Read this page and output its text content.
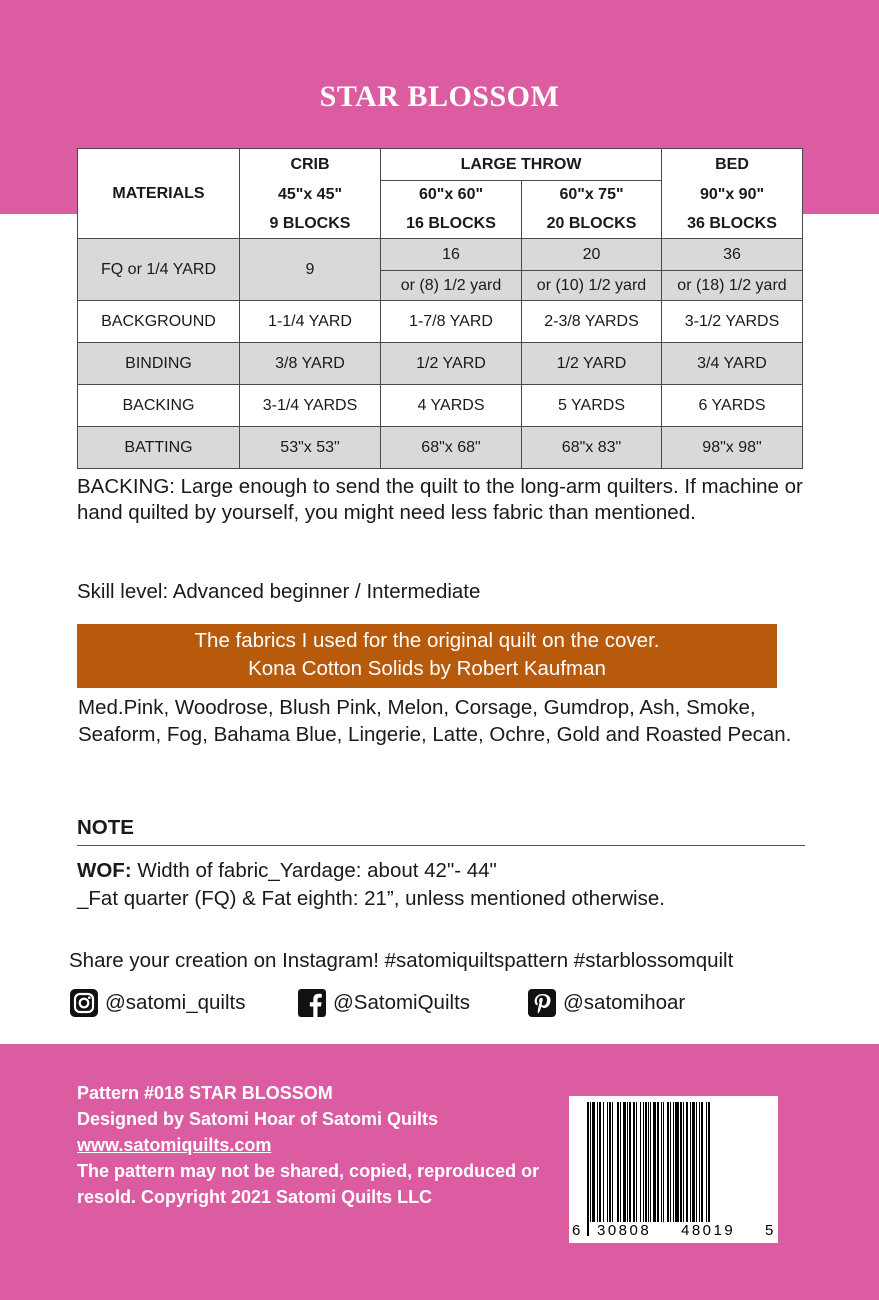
STAR BLOSSOM
MATERIALS	CRIB	LARGE THROW		BED
	45"x 45"	60"x 60"	60"x 75"	90"x 90"
	9 BLOCKS	16 BLOCKS	20 BLOCKS	36 BLOCKS
FQ or 1/4 YARD	9	16	20	36
		or (8) 1/2 yard	or (10) 1/2 yard	or (18) 1/2 yard
BACKGROUND	1-1/4 YARD	1-7/8 YARD	2-3/8 YARDS	3-1/2 YARDS
BINDING	3/8 YARD	1/2 YARD	1/2 YARD	3/4 YARD
BACKING	3-1/4 YARDS	4 YARDS	5 YARDS	6 YARDS
BATTING	53"x 53"	68"x 68"	68"x 83"	98"x 98"
BACKING: Large enough to send the quilt to the long-arm quilters. If machine or hand quilted by yourself, you might need less fabric than mentioned.
Skill level: Advanced beginner / Intermediate
The fabrics I used for the original quilt on the cover.
Kona Cotton Solids by Robert Kaufman
Med.Pink, Woodrose, Blush Pink, Melon, Corsage, Gumdrop, Ash, Smoke, Seaform, Fog, Bahama Blue, Lingerie, Latte, Ochre, Gold and Roasted Pecan.
NOTE
WOF: Width of fabric_Yardage: about 42"- 44"
_Fat quarter (FQ) & Fat eighth: 21”, unless mentioned otherwise.
Share your creation on Instagram! #satomiquiltspattern #starblossomquilt
@satomi_quilts	@SatomiQuilts	@satomihoar
Pattern #018 STAR BLOSSOM
Designed by Satomi Hoar of Satomi Quilts
www.satomiquilts.com
The pattern may not be shared, copied, reproduced or resold. Copyright 2021 Satomi Quilts LLC
6 30808 48019 5
